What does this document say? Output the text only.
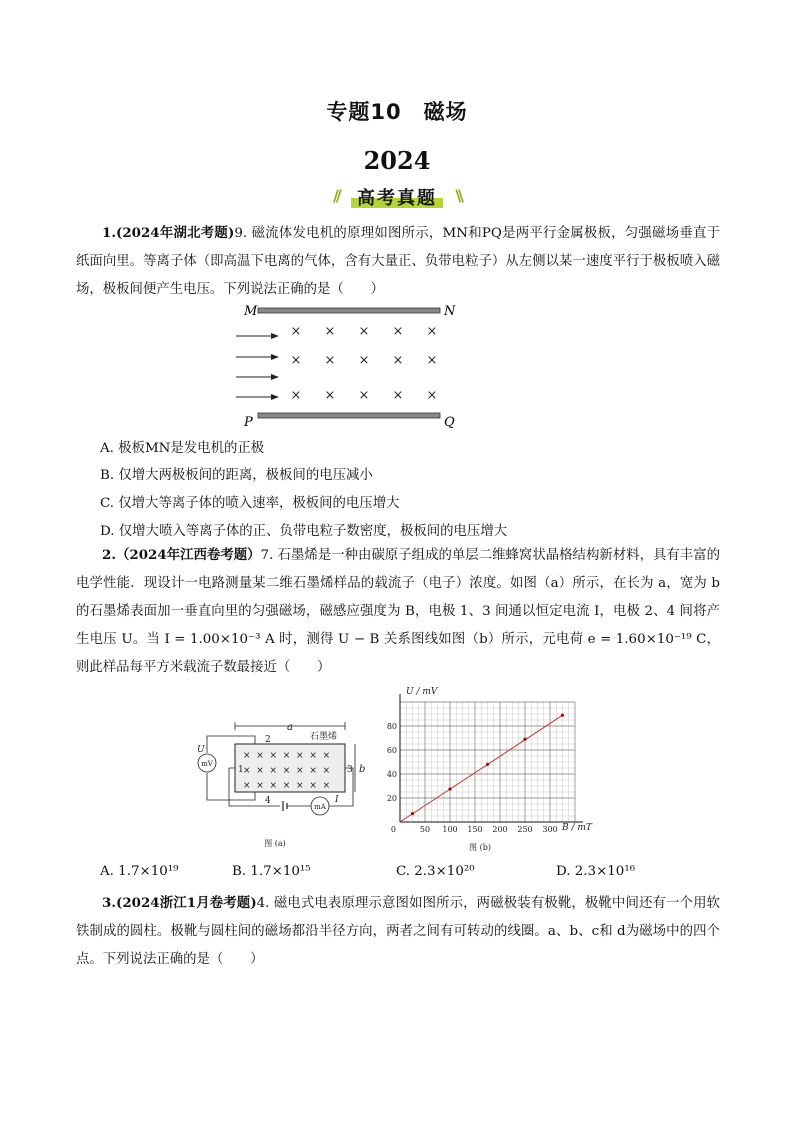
专题10　磁场
2024
// 高考真题 \\
1.(2024年湖北考题)9. 磁流体发电机的原理如图所示，MN和PQ是两平行金属极板，匀强磁场垂直于纸面向里。等离子体（即高温下电离的气体，含有大量正、负带电粒子）从左侧以某一速度平行于极板喷入磁场，极板间便产生电压。下列说法正确的是（　　）
M	N
P	Q
× × × × ×
× × × × ×
× × × × ×
A. 极板MN是发电机的正极
B. 仅增大两极板间的距离，极板间的电压减小
C. 仅增大等离子体的喷入速率，极板间的电压增大
D. 仅增大喷入等离子体的正、负带电粒子数密度，极板间的电压增大
2.（2024年江西卷考题）7. 石墨烯是一种由碳原子组成的单层二维蜂窝状晶格结构新材料，具有丰富的电学性能．现设计一电路测量某二维石墨烯样品的载流子（电子）浓度。如图（a）所示，在长为 a，宽为 b 的石墨烯表面加一垂直向里的匀强磁场，磁感应强度为 B，电极 1、3 间通以恒定电流 I，电极 2、4 间将产生电压 U。当 I = 1.00×10⁻³ A 时，测得 U − B 关系图线如图（b）所示，元电荷 e = 1.60×10⁻¹⁹ C，则此样品每平方米载流子数最接近（　　）
a
石墨烯
×  ×  ×  ×  ×  ×  ×
×  ×  ×  ×  ×  ×  ×
×  ×  ×  ×  ×  ×  ×
b
1
2
3
4
mV
U
mA
I
图 (a)
0	50 100 150 200 250 300
20
40
60
80
U / mV
B / mT
图 (b)
A. 1.7×10¹⁹	B. 1.7×10¹⁵	C. 2.3×10²⁰	D. 2.3×10¹⁶
3.(2024浙江1月卷考题)4. 磁电式电表原理示意图如图所示，两磁极装有极靴，极靴中间还有一个用软铁制成的圆柱。极靴与圆柱间的磁场都沿半径方向，两者之间有可转动的线圈。a、b、c和 d为磁场中的四个点。下列说法正确的是（　　）
